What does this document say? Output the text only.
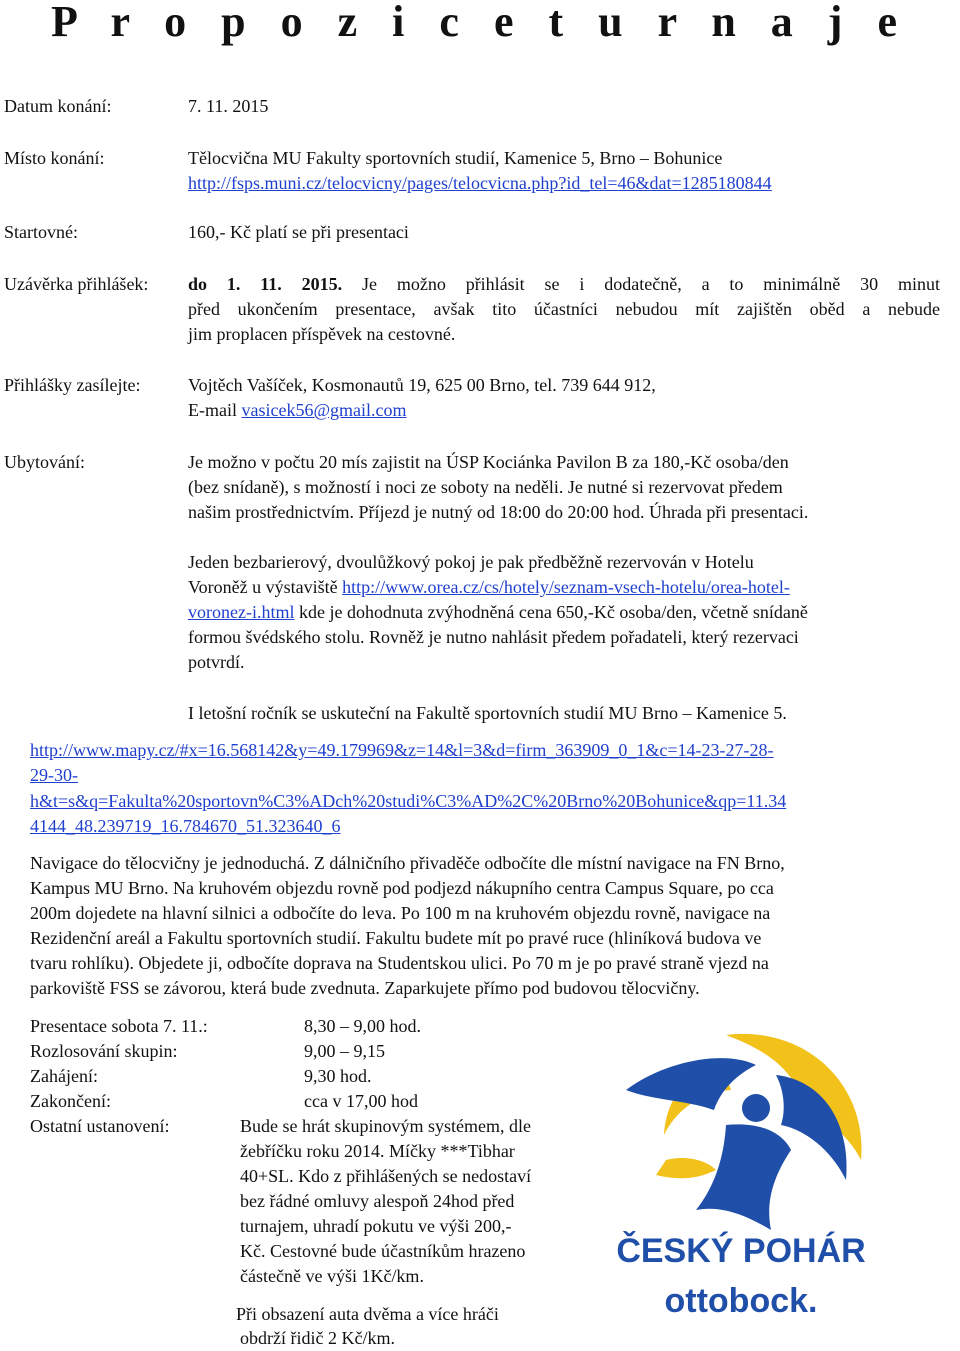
P r o p o z i c e t u r n a j e
Datum konání:	7. 11. 2015
Místo konání:	Tělocvična MU Fakulty sportovních studií, Kamenice 5, Brno – Bohunice
http://fsps.muni.cz/telocvicny/pages/telocvicna.php?id_tel=46&dat=1285180844
Startovné:	160,- Kč platí se při presentaci
Uzávěrka přihlášek: do 1. 11. 2015. Je možno přihlásit se i dodatečně, a to minimálně 30 minut
před ukončením presentace, avšak tito účastníci nebudou mít zajištěn oběd a nebude
jim proplacen příspěvek na cestovné.
Přihlášky zasílejte:	Vojtěch Vašíček, Kosmonautů 19, 625 00 Brno, tel. 739 644 912,
E-mail vasicek56@gmail.com
Ubytování:	Je možno v počtu 20 mís zajistit na ÚSP Kociánka Pavilon B za 180,-Kč osoba/den
(bez snídaně), s možností i noci ze soboty na neděli. Je nutné si rezervovat předem
našim prostřednictvím. Příjezd je nutný od 18:00 do 20:00 hod. Úhrada při presentaci.
Jeden bezbarierový, dvoulůžkový pokoj je pak předběžně rezervován v Hotelu
Voroněž u výstaviště http://www.orea.cz/cs/hotely/seznam-vsech-hotelu/orea-hotel-
voronez-i.html kde je dohodnuta zvýhodněná cena 650,-Kč osoba/den, včetně snídaně
formou švédského stolu. Rovněž je nutno nahlásit předem pořadateli, který rezervaci
potvrdí.
I letošní ročník se uskuteční na Fakultě sportovních studií MU Brno – Kamenice 5.
http://www.mapy.cz/#x=16.568142&y=49.179969&z=14&l=3&d=firm_363909_0_1&c=14-23-27-28-
29-30-
h&t=s&q=Fakulta%20sportovn%C3%ADch%20studi%C3%AD%2C%20Brno%20Bohunice&qp=11.34
4144_48.239719_16.784670_51.323640_6
Navigace do tělocvičny je jednoduchá. Z dálničního přivaděče odbočíte dle místní navigace na FN Brno,
Kampus MU Brno. Na kruhovém objezdu rovně pod podjezd nákupního centra Campus Square, po cca
200m dojedete na hlavní silnici a odbočíte do leva. Po 100 m na kruhovém objezdu rovně, navigace na
Rezidenční areál a Fakultu sportovních studií. Fakultu budete mít po pravé ruce (hliníková budova ve
tvaru rohlíku). Objedete ji, odbočíte doprava na Studentskou ulici. Po 70 m je po pravé straně vjezd na
parkoviště FSS se závorou, která bude zvednuta. Zaparkujete přímo pod budovou tělocvičny.
Presentace sobota 7. 11.:	8,30 – 9,00 hod.
Rozlosování skupin:	9,00 – 9,15
Zahájení:	9,30 hod.
Zakončení:	cca v 17,00 hod
Ostatní ustanovení:	Bude se hrát skupinovým systémem, dle
žebříčku roku 2014. Míčky ***Tibhar
40+SL. Kdo z přihlášených se nedostaví
bez řádné omluvy alespoň 24hod před
turnajem, uhradí pokutu ve výši 200,-
Kč. Cestovné bude účastníkům hrazeno
částečně ve výši 1Kč/km.
Při obsazení auta dvěma a více hráči
obdrží řidič 2 Kč/km.
ČESKÝ POHÁR
ottobock.
